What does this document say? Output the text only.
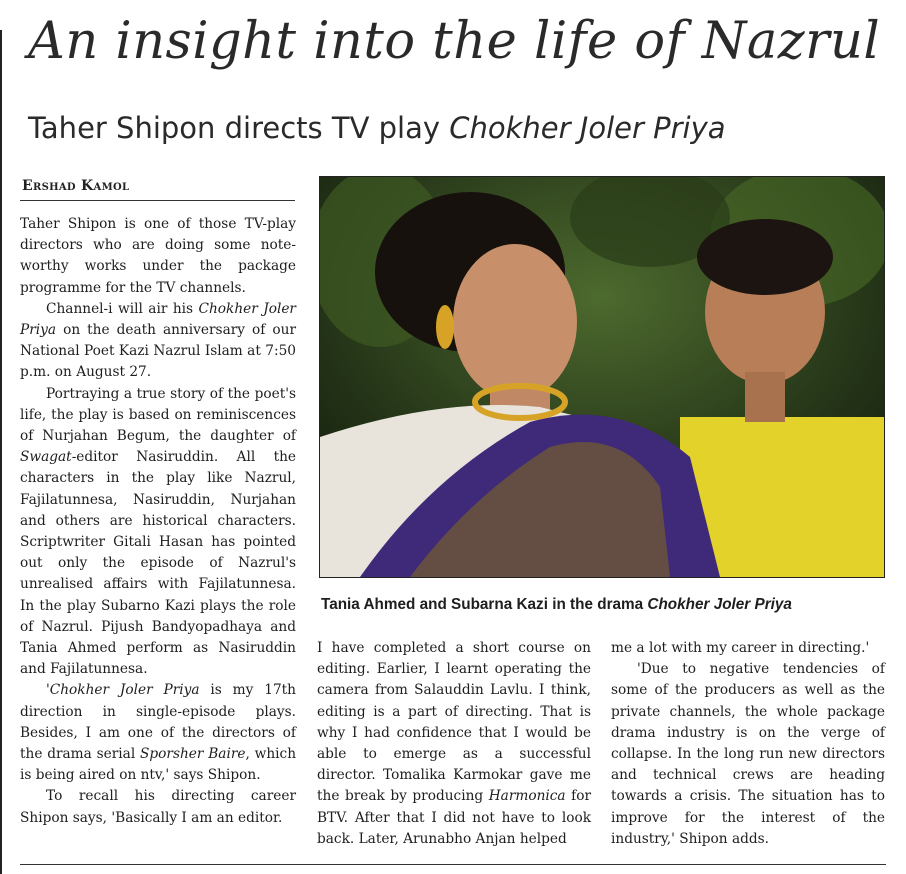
An insight into the life of Nazrul
Taher Shipon directs TV play Chokher Joler Priya
Ershad Kamol

Taher Shipon is one of those TV-play directors who are doing some note-worthy works under the package programme for the TV channels.

Channel-i will air his Chokher Joler Priya on the death anniversary of our National Poet Kazi Nazrul Islam at 7:50 p.m. on August 27.

Portraying a true story of the poet's life, the play is based on reminiscences of Nurjahan Begum, the daughter of Swagat-editor Nasiruddin. All the characters in the play like Nazrul, Fajilatunnesa, Nasiruddin, Nurjahan and others are historical characters. Scriptwriter Gitali Hasan has pointed out only the episode of Nazrul's unrealised affairs with Fajilatunnesa. In the play Subarno Kazi plays the role of Nazrul. Pijush Bandyopadhaya and Tania Ahmed perform as Nasiruddin and Fajilatunnesa.

'Chokher Joler Priya is my 17th direction in single-episode plays. Besides, I am one of the directors of the drama serial Sporsher Baire, which is being aired on ntv,' says Shipon.

To recall his directing career Shipon says, 'Basically I am an editor.

Tania Ahmed and Subarna Kazi in the drama Chokher Joler Priya

I have completed a short course on editing. Earlier, I learnt operating the camera from Salauddin Lavlu. I think, editing is a part of directing. That is why I had confidence that I would be able to emerge as a successful director. Tomalika Karmokar gave me the break by producing Harmonica for BTV. After that I did not have to look back. Later, Arunabho Anjan helped

me a lot with my career in directing.'

'Due to negative tendencies of some of the producers as well as the private channels, the whole package drama industry is on the verge of collapse. In the long run new directors and technical crews are heading towards a crisis. The situation has to improve for the interest of the industry,' Shipon adds.
